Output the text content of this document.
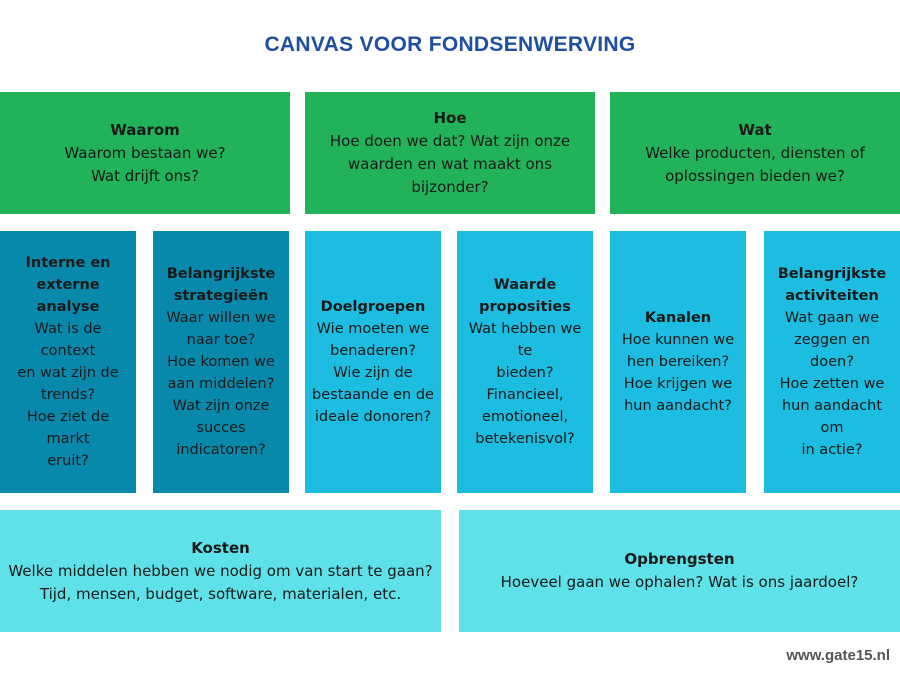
CANVAS VOOR FONDSENWERVING
Waarom
Waarom bestaan we?
Wat drijft ons?
Hoe
Hoe doen we dat? Wat zijn onze
waarden en wat maakt ons bijzonder?
Wat
Welke producten, diensten of
oplossingen bieden we?
Interne en
externe analyse
Wat is de context
en wat zijn de
trends?
Hoe ziet de markt
eruit?
Belangrijkste
strategieën
Waar willen we
naar toe?
Hoe komen we
aan middelen?
Wat zijn onze
succes
indicatoren?
Doelgroepen
Wie moeten we
benaderen?
Wie zijn de
bestaande en de
ideale donoren?
Waarde
proposities
Wat hebben we te
bieden?
Financieel,
emotioneel,
betekenisvol?
Kanalen
Hoe kunnen we
hen bereiken?
Hoe krijgen we
hun aandacht?
Belangrijkste
activiteiten
Wat gaan we
zeggen en doen?
Hoe zetten we
hun aandacht om
in actie?
Kosten
Welke middelen hebben we nodig om van start te gaan?
Tijd, mensen, budget, software, materialen, etc.
Opbrengsten
Hoeveel gaan we ophalen? Wat is ons jaardoel?
www.gate15.nl
